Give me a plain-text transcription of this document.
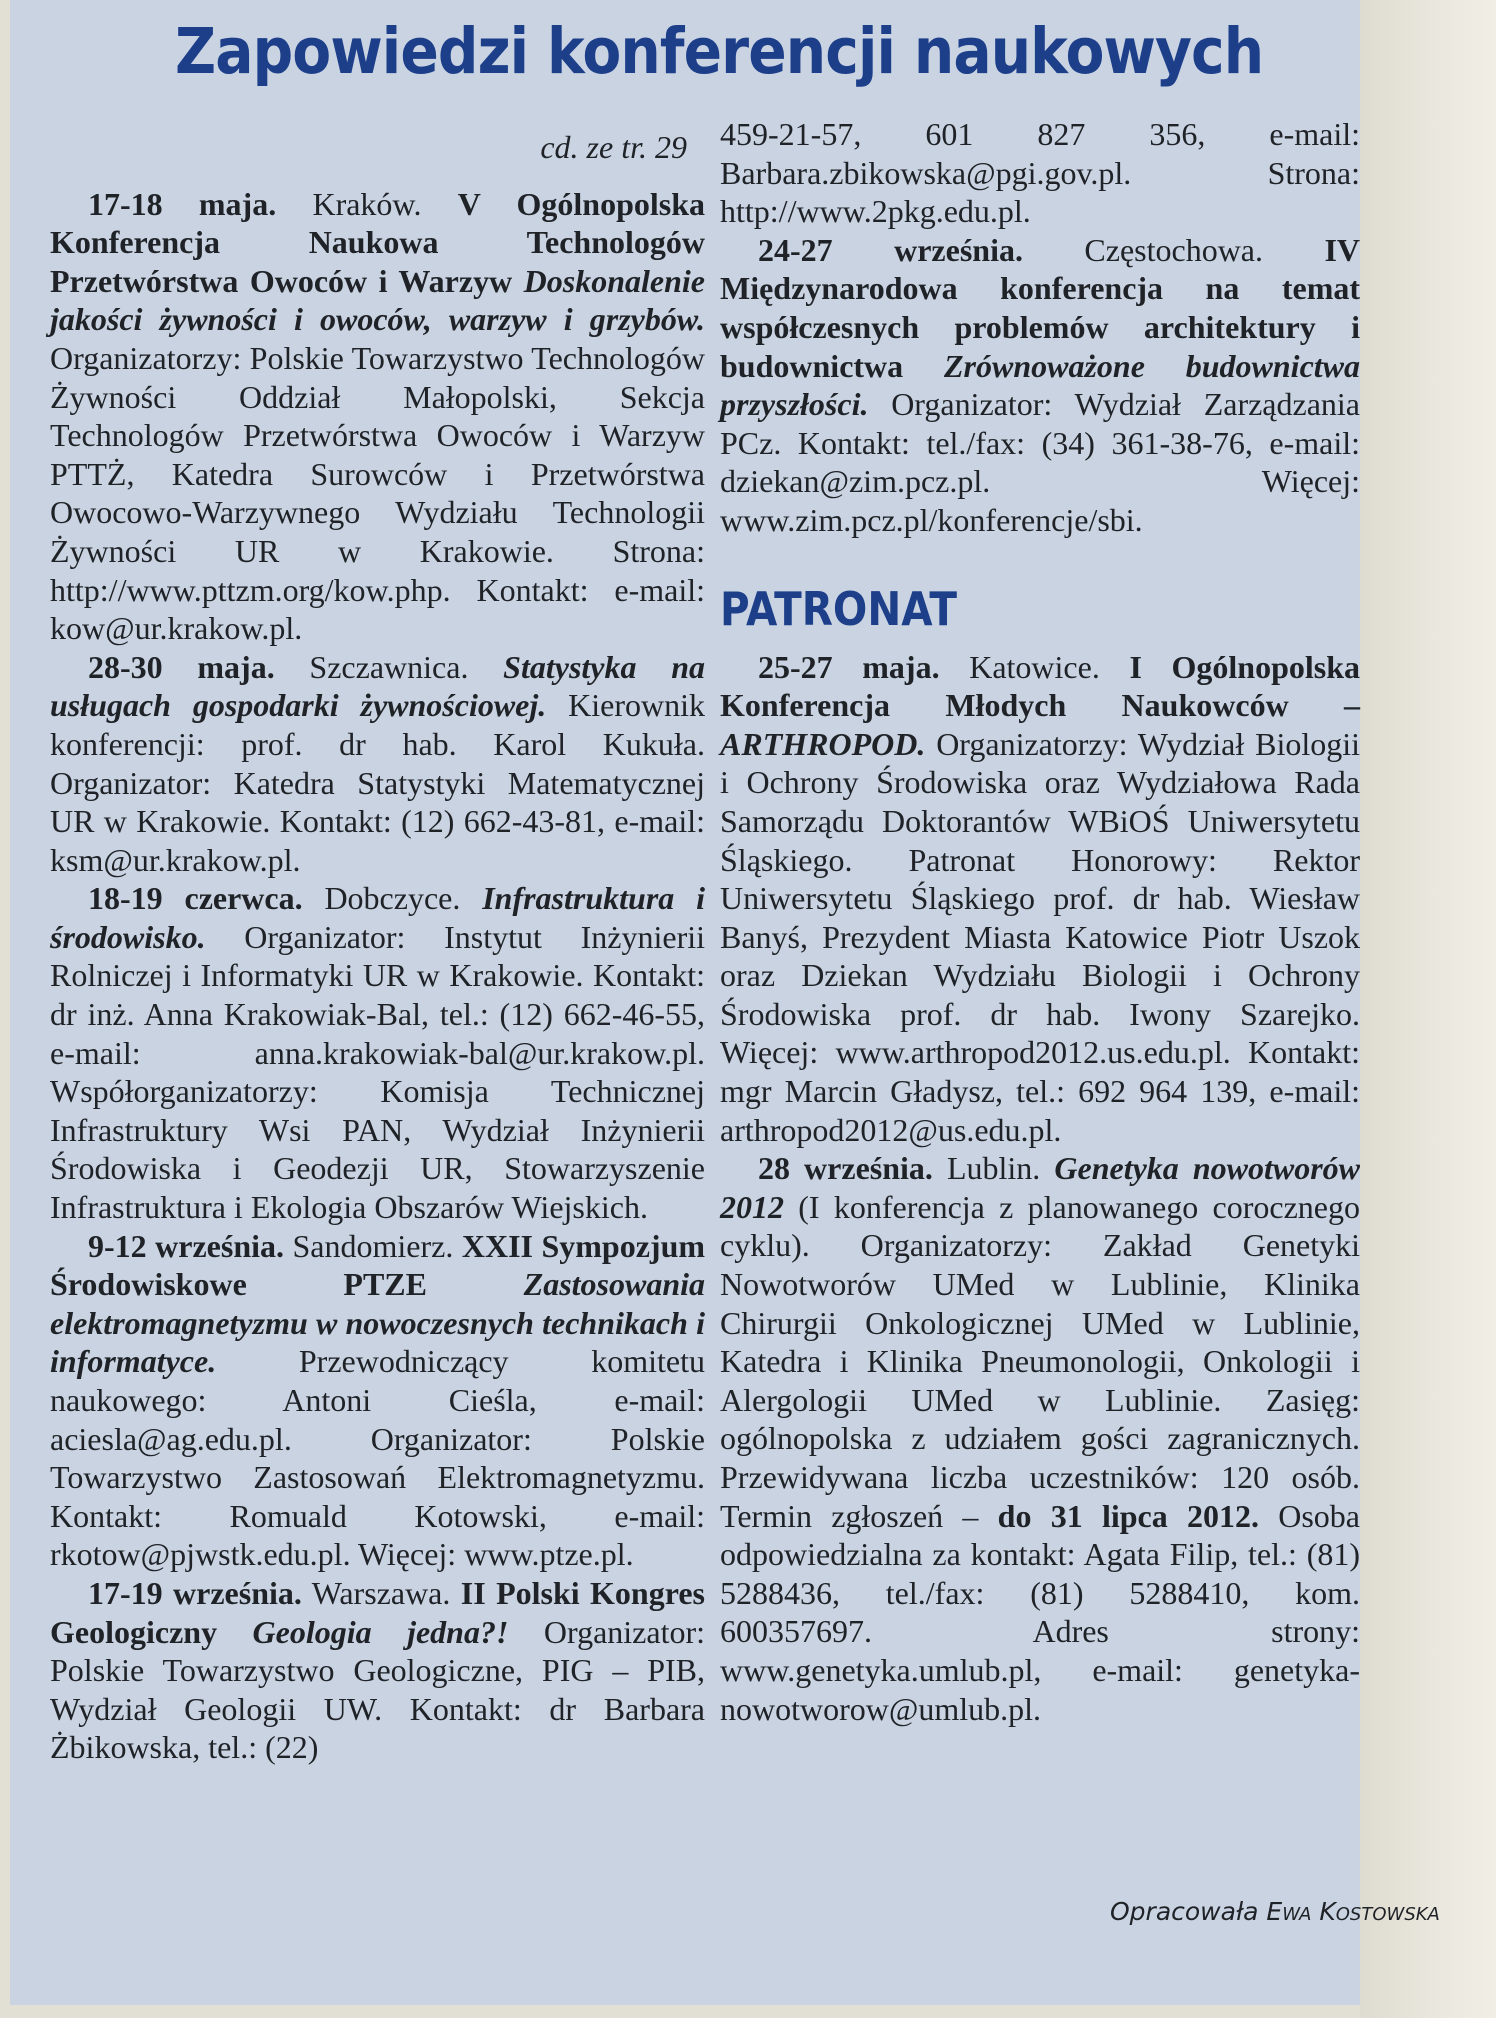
Zapowiedzi konferencji naukowych
cd. ze tr. 29

17-18 maja. Kraków. V Ogólnopolska Konferencja Naukowa Technologów Przetwórstwa Owoców i Warzyw Doskonalenie jakości żywności i owoców, warzyw i grzybów. Organizatorzy: Polskie Towarzystwo Technologów Żywności Oddział Małopolski, Sekcja Technologów Przetwórstwa Owoców i Warzyw PTTŻ, Katedra Surowców i Przetwórstwa Owocowo-Warzywnego Wydziału Technologii Żywności UR w Krakowie. Strona: http://www.pttzm.org/kow.php. Kontakt: e-mail: kow@ur.krakow.pl.

28-30 maja. Szczawnica. Statystyka na usługach gospodarki żywnościowej. Kierownik konferencji: prof. dr hab. Karol Kukuła. Organizator: Katedra Statystyki Matematycznej UR w Krakowie. Kontakt: (12) 662-43-81, e-mail: ksm@ur.krakow.pl.

18-19 czerwca. Dobczyce. Infrastruktura i środowisko. Organizator: Instytut Inżynierii Rolniczej i Informatyki UR w Krakowie. Kontakt: dr inż. Anna Krakowiak-Bal, tel.: (12) 662-46-55, e-mail: anna.krakowiak-bal@ur.krakow.pl. Współorganizatorzy: Komisja Technicznej Infrastruktury Wsi PAN, Wydział Inżynierii Środowiska i Geodezji UR, Stowarzyszenie Infrastruktura i Ekologia Obszarów Wiejskich.

9-12 września. Sandomierz. XXII Sympozjum Środowiskowe PTZE	Zastosowania elektromagnetyzmu w nowoczesnych technikach i informatyce. Przewodniczący komitetu naukowego: Antoni Cieśla, e-mail: aciesla@ag.edu.pl. Organizator: Polskie Towarzystwo Zastosowań Elektromagnetyzmu. Kontakt: Romuald Kotowski, e-mail: rkotow@pjwstk.edu.pl. Więcej: www.ptze.pl.

17-19 września. Warszawa. II Polski Kongres Geologiczny Geologia jedna?! Organizator: Polskie Towarzystwo Geologiczne, PIG – PIB, Wydział Geologii UW. Kontakt: dr Barbara Żbikowska, tel.: (22)

459-21-57, 601 827 356, e-mail: Barbara.zbikowska@pgi.gov.pl. Strona: http://www.2pkg.edu.pl.

24-27 września. Częstochowa. IV Międzynarodowa konferencja na temat współczesnych problemów architektury i budownictwa Zrównoważone budownictwa przyszłości. Organizator: Wydział Zarządzania PCz. Kontakt: tel./fax: (34) 361-38-76, e-mail: dziekan@zim.pcz.pl. Więcej: www.zim.pcz.pl/konferencje/sbi.

PATRONAT

25-27 maja. Katowice. I Ogólnopolska Konferencja Młodych Naukowców – ARTHROPOD. Organizatorzy: Wydział Biologii i Ochrony Środowiska oraz Wydziałowa Rada Samorządu Doktorantów WBiOŚ Uniwersytetu Śląskiego. Patronat Honorowy: Rektor Uniwersytetu Śląskiego prof. dr hab. Wiesław Banyś, Prezydent Miasta Katowice Piotr Uszok oraz Dziekan Wydziału Biologii i Ochrony Środowiska prof. dr hab. Iwony Szarejko. Więcej: www.arthropod2012.us.edu.pl. Kontakt: mgr Marcin Gładysz, tel.: 692 964 139, e-mail: arthropod2012@us.edu.pl.

28 września. Lublin. Genetyka nowotworów 2012 (I konferencja z planowanego corocznego cyklu). Organizatorzy: Zakład Genetyki Nowotworów UMed w Lublinie, Klinika Chirurgii Onkologicznej UMed w Lublinie, Katedra i Klinika Pneumonologii, Onkologii i Alergologii UMed w Lublinie. Zasięg: ogólnopolska z udziałem gości zagranicznych. Przewidywana liczba uczestników: 120 osób. Termin zgłoszeń – do 31 lipca 2012. Osoba odpowiedzialna za kontakt: Agata Filip, tel.: (81) 5288436, tel./fax: (81) 5288410, kom. 600357697. Adres strony: www.genetyka.umlub.pl, e-mail: genetyka-nowotworow@umlub.pl.

Opracowała Ewa Kostowska
